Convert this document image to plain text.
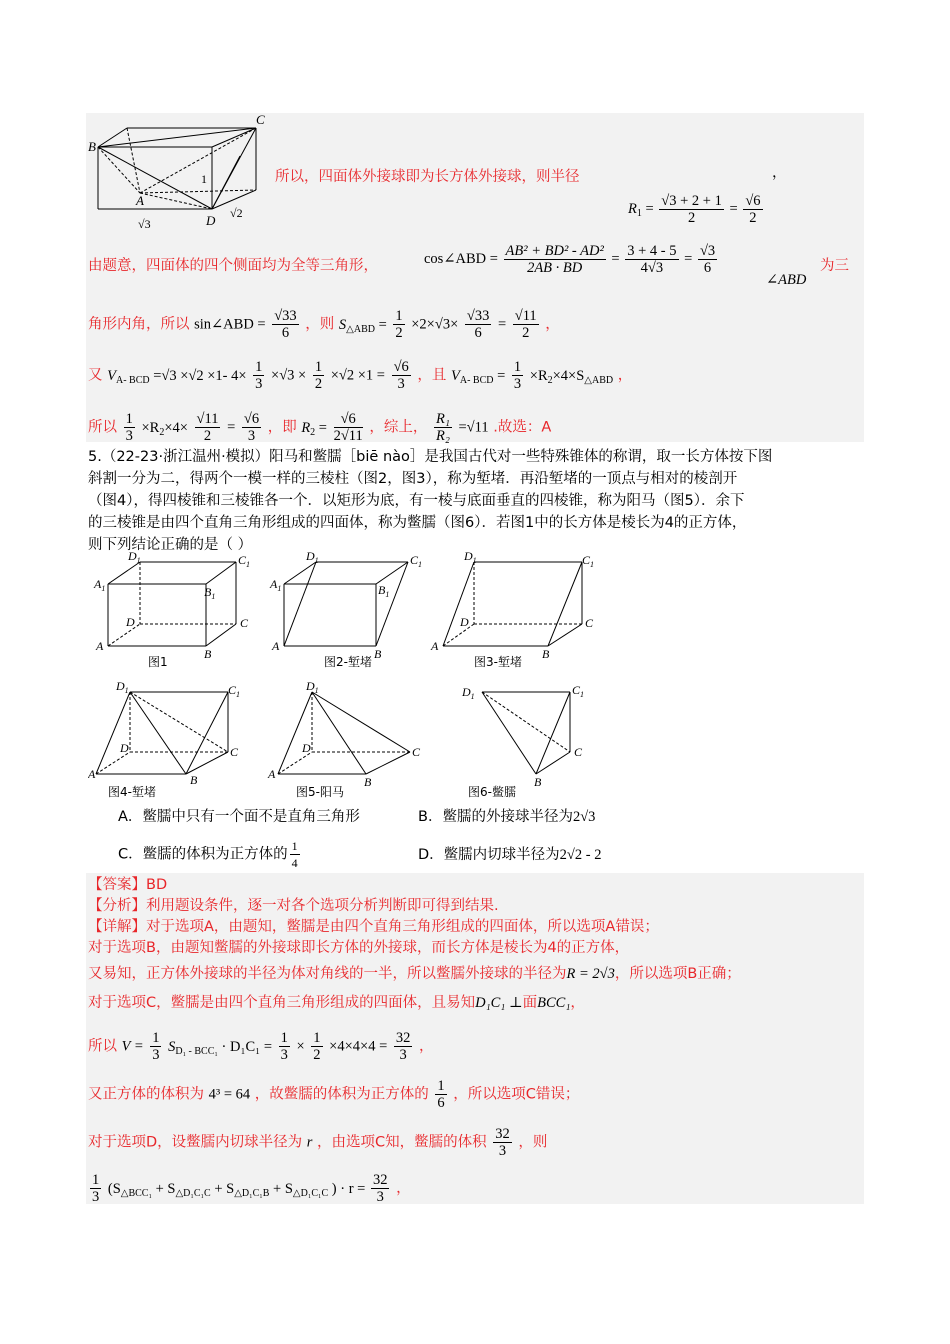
B
C
A
D
1
√3
√2
所以，四面体外接球即为长方体外接球，则半径	，
$R_1 = \frac{√3 + 2 + 1}{2} = \frac{√6}{2}$
由题意，四面体的四个侧面均为全等三角形，	cos∠ABD = $\frac{\text{AB² + BD² - AD²}}{2AB \cdot BD} = \frac{3 + 4 - 5}{4√3} = \frac{√3}{6}$
∠ABD
为三
角形内角，所以 sin∠ABD = $\frac{√33}{6}$ ，则 $S_{\triangle ABD} = \frac{1}{2} \times 2\times√3\times \frac{√33}{6} = \frac{√11}{2}$ ，
又 $V_{A- BCD} =√3 \times√2 \times 1-$ $4\times \frac{1}{3} \times√3 \times \frac{1}{2} \times√2 \times 1 = \frac{√6}{3}$ ，且 $V_{A- BCD} = \frac{1}{3} \times R_2\times 4\times S_{\triangle ABD}$ ，
所以 $\frac{1}{3} \times R_2\times 4\times \frac{√11}{2} = \frac{√6}{3}$ ，即 $R_2 = \frac{√6}{2√11}$ ，综上， $\frac{\text{R₁}}{\text{R₂}} =√11$ .故选：A
5.（22-23·浙江温州·模拟）阳马和鳖臑［biē nào］是我国古代对一些特殊锥体的称谓，取一长方体按下图
斜割一分为二，得两个一模一样的三棱柱（图2，图3），称为堑堵．再沿堑堵的一顶点与相对的棱剖开
（图4），得四棱锥和三棱锥各一个．以矩形为底，有一棱与底面垂直的四棱锥，称为阳马（图5）．余下
的三棱锥是由四个直角三角形组成的四面体，称为鳖臑（图6）．若图1中的长方体是棱长为4的正方体，
则下列结论正确的是（ ）
$D_1$	$C_1$
$A_1$	$B_1$
D	C
A
B
$D_1$	$C_1$
$A_1$	$B_1$
A
B
$D_1$	$C_1$
D	C
A
B
图1	图2-堑堵	图3-堑堵
$D_1$	$C_1$
D	C
A	B
$D_1$
D	C
A
B
$D_1$	$C_1$
C
B
图4-堑堵	图5-阳马	图6-鳖臑
A．鳖臑中只有一个面不是直角三角形	B．鳖臑的外接球半径为2√3
C．鳖臑的体积为正方体的 $\frac{1}{4}$	D．鳖臑内切球半径为2√2 - 2
【答案】BD
【分析】利用题设条件，逐一对各个选项分析判断即可得到结果.
【详解】对于选项A，由题知，鳖臑是由四个直角三角形组成的四面体，所以选项A错误；
对于选项B，由题知鳖臑的外接球即长方体的外接球，而长方体是棱长为4的正方体，
又易知，正方体外接球的半径为体对角线的一半，所以鳖臑外接球的半径为R = 2√3，所以选项B正确；
对于选项C，鳖臑是由四个直角三角形组成的四面体，且易知D₁C₁ ⊥面BCC₁，
所以 $V = \frac{1}{3} S_{D_1 - BCC_1} \cdot D_1C_1 = \frac{1}{3} \times \frac{1}{2} \times 4\times 4\times 4 = \frac{32}{3}$ ，
又正方体的体积为 4³ = 64 ，故鳖臑的体积为正方体的 $\frac{1}{6}$ ，所以选项C错误；
对于选项D，设鳖臑内切球半径为 r ，由选项C知，鳖臑的体积 $\frac{32}{3}$ ，则
$\frac{1}{3} (S_{\triangle BCC_1} + S_{\triangle D_1C_1C} + S_{\triangle D_1C_1B} + S_{\triangle D_1C_1C}$ ) · $r = \frac{32}{3}$ ，
